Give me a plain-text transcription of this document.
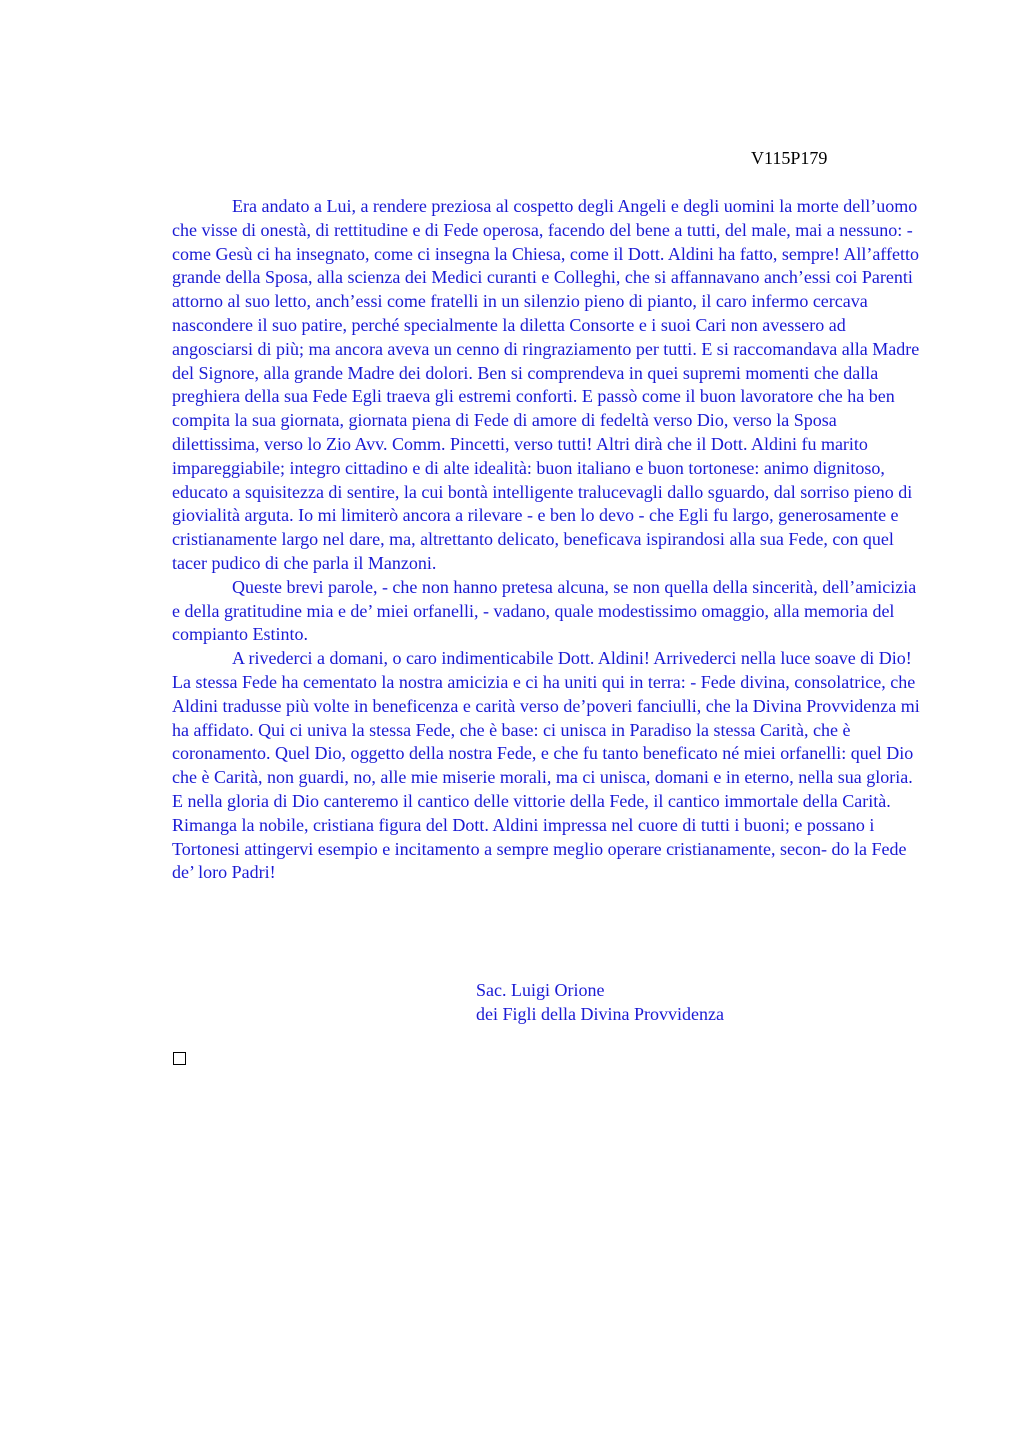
V115P179

Era andato a Lui, a rendere preziosa al cospetto degli Angeli e degli uomini la morte dell’uomo che visse di onestà, di rettitudine e di Fede operosa, facendo del bene a tutti, del male, mai a nessuno: - come Gesù ci ha insegnato, come ci insegna la Chiesa, come il Dott. Aldini ha fatto, sempre! All’affetto grande della Sposa, alla scienza dei Medici curanti e Colleghi, che si affannavano anch’essi coi Parenti attorno al suo letto, anch’essi come fratelli in un silenzio pieno di pianto, il caro infermo cercava nascondere il suo patire, perché specialmente la diletta Consorte e i suoi Cari non avessero ad angosciarsi di più; ma ancora aveva un cenno di ringraziamento per tutti. E si raccomandava alla Madre del Signore, alla grande Madre dei dolori. Ben si comprendeva in quei supremi momenti che dalla preghiera della sua Fede Egli traeva gli estremi conforti. E passò come il buon lavoratore che ha ben compita la sua giornata, giornata piena di Fede di amore di fedeltà verso Dio, verso la Sposa dilettissima, verso lo Zio Avv. Comm. Pincetti, verso tutti! Altri dirà che il Dott. Aldini fu marito impareggiabile; integro cittadino e di alte idealità: buon italiano e buon tortonese: animo dignitoso, educato a squisitezza di sentire, la cui bontà intelligente tralucevagli dallo sguardo, dal sorriso pieno di giovialità arguta. Io mi limiterò ancora a rilevare - e ben lo devo - che Egli fu largo, generosamente e cristianamente largo nel dare, ma, altrettanto delicato, beneficava ispirandosi alla sua Fede, con quel tacer pudico di che parla il Manzoni.

Queste brevi parole, - che non hanno pretesa alcuna, se non quella della sincerità, dell’amicizia e della gratitudine mia e de’ miei orfanelli, - vadano, quale modestissimo omaggio, alla memoria del compianto Estinto.

A rivederci a domani, o caro indimenticabile Dott. Aldini! Arrivederci nella luce soave di Dio! La stessa Fede ha cementato la nostra amicizia e ci ha uniti qui in terra: - Fede divina, consolatrice, che Aldini tradusse più volte in beneficenza e carità verso de’poveri fanciulli, che la Divina Provvidenza mi ha affidato. Qui ci univa la stessa Fede, che è base: ci unisca in Paradiso la stessa Carità, che è coronamento. Quel Dio, oggetto della nostra Fede, e che fu tanto beneficato né miei orfanelli: quel Dio che è Carità, non guardi, no, alle mie miserie morali, ma ci unisca, domani e in eterno, nella sua gloria. E nella gloria di Dio canteremo il cantico delle vittorie della Fede, il cantico immortale della Carità. Rimanga la nobile, cristiana figura del Dott. Aldini impressa nel cuore di tutti i buoni; e possano i Tortonesi attingervi esempio e incitamento a sempre meglio operare cristianamente, secon- do la Fede de’ loro Padri!

Sac. Luigi Orione
dei Figli della Divina Provvidenza
